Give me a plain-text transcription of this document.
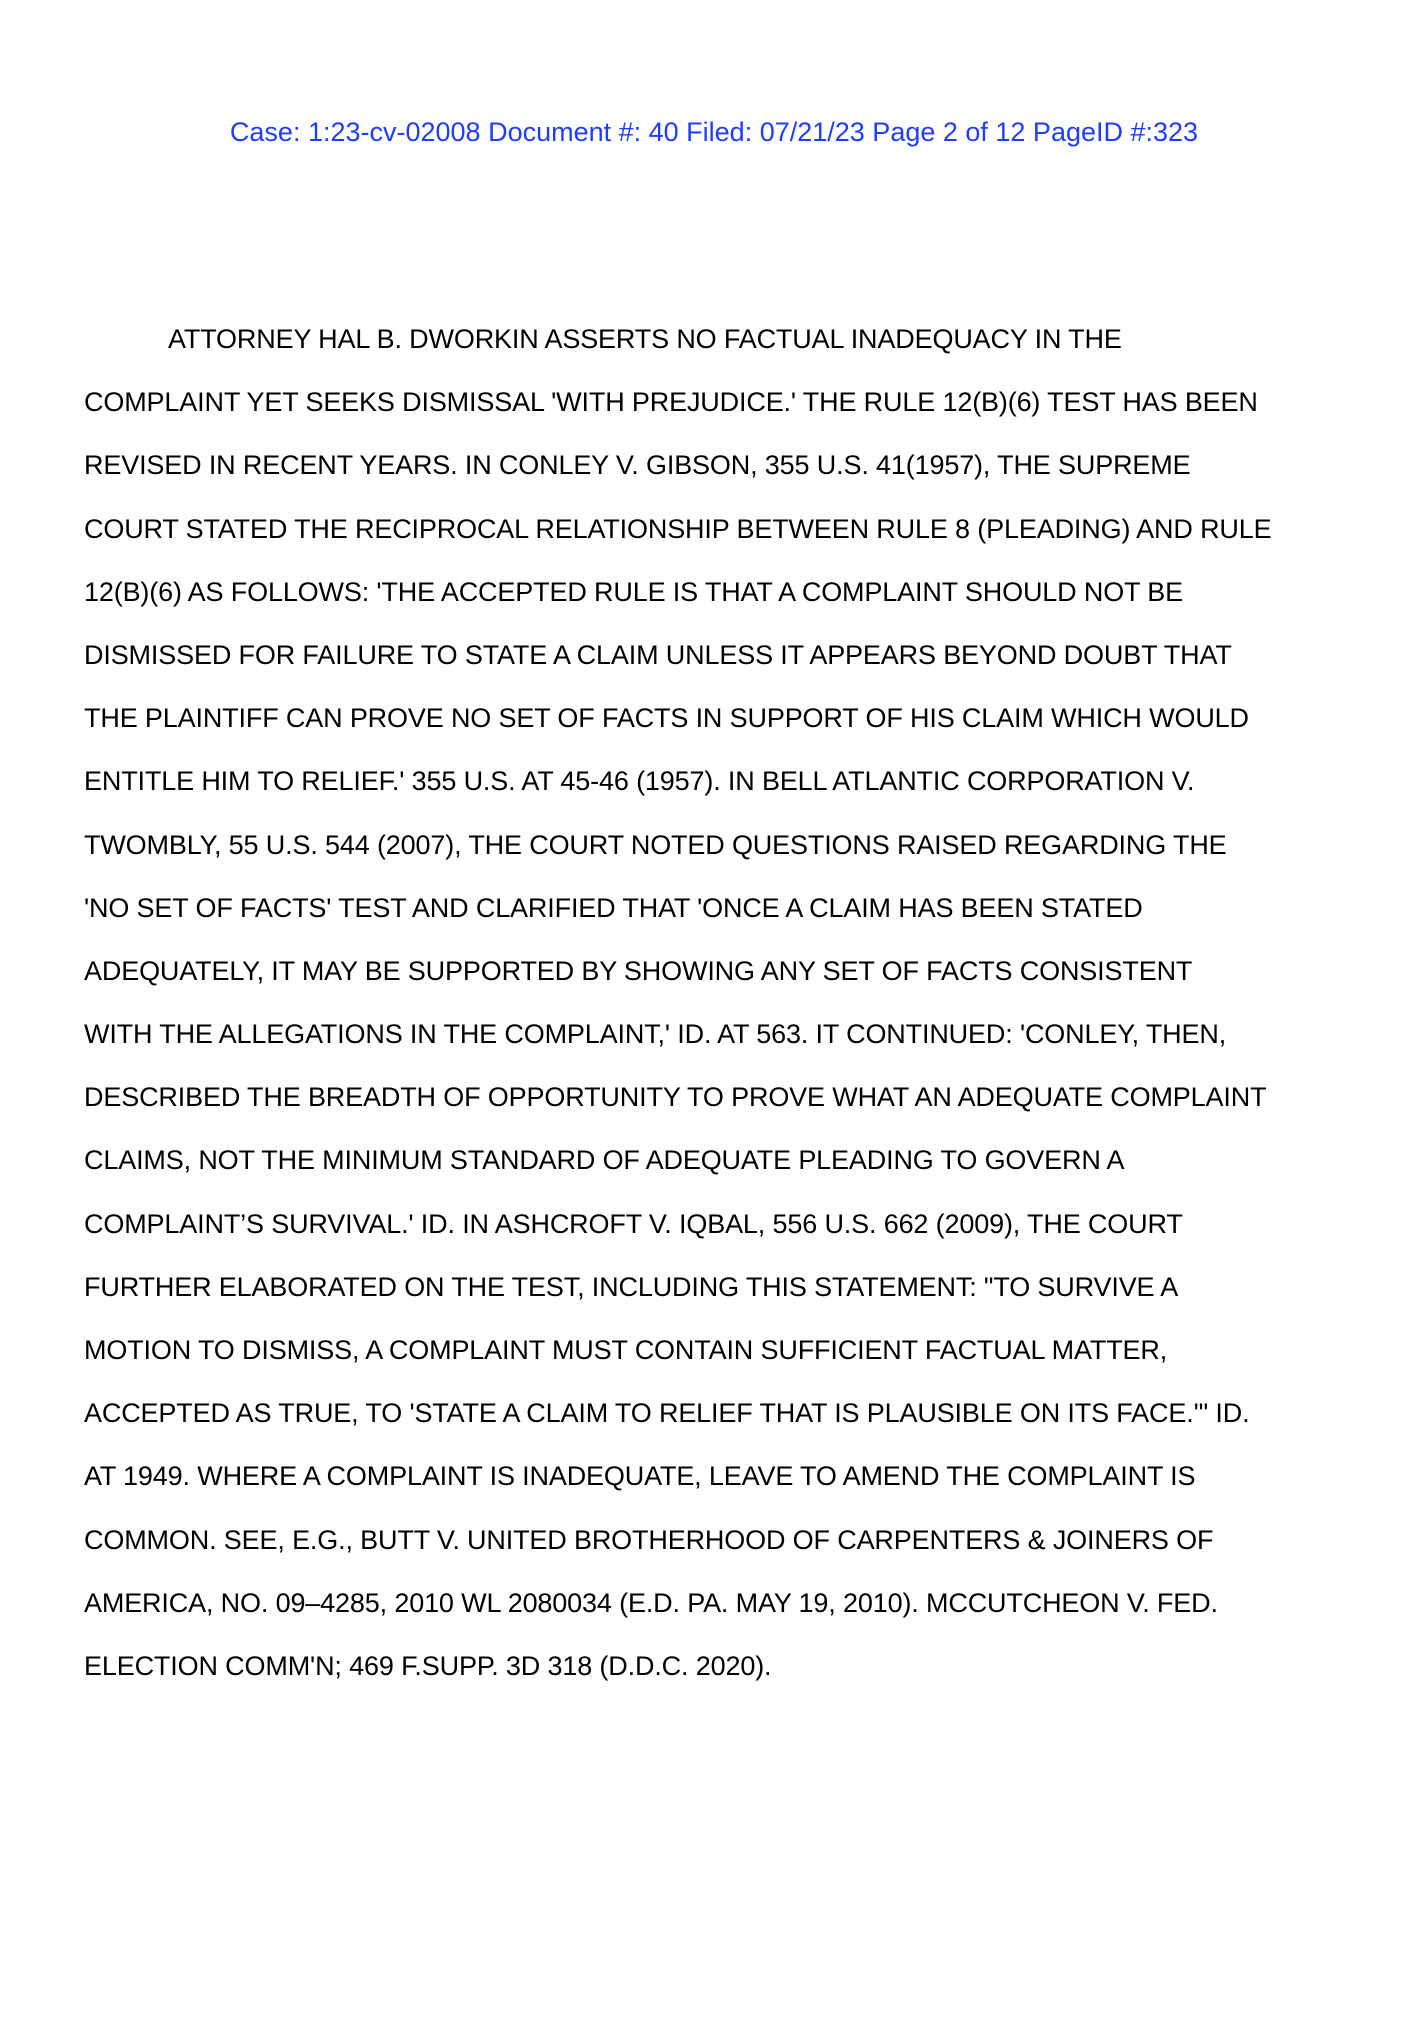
Case: 1:23-cv-02008 Document #: 40 Filed: 07/21/23 Page 2 of 12 PageID #:323
ATTORNEY HAL B. DWORKIN ASSERTS NO FACTUAL INADEQUACY IN THE
COMPLAINT YET SEEKS DISMISSAL 'WITH PREJUDICE.' THE RULE 12(B)(6) TEST HAS BEEN
REVISED IN RECENT YEARS. IN CONLEY V. GIBSON, 355 U.S. 41(1957), THE SUPREME
COURT STATED THE RECIPROCAL RELATIONSHIP BETWEEN RULE 8 (PLEADING) AND RULE
12(B)(6) AS FOLLOWS: 'THE ACCEPTED RULE IS THAT A COMPLAINT SHOULD NOT BE
DISMISSED FOR FAILURE TO STATE A CLAIM UNLESS IT APPEARS BEYOND DOUBT THAT
THE PLAINTIFF CAN PROVE NO SET OF FACTS IN SUPPORT OF HIS CLAIM WHICH WOULD
ENTITLE HIM TO RELIEF.' 355 U.S. AT 45-46 (1957). IN BELL ATLANTIC CORPORATION V.
TWOMBLY, 55 U.S. 544 (2007), THE COURT NOTED QUESTIONS RAISED REGARDING THE
'NO SET OF FACTS' TEST AND CLARIFIED THAT 'ONCE A CLAIM HAS BEEN STATED
ADEQUATELY, IT MAY BE SUPPORTED BY SHOWING ANY SET OF FACTS CONSISTENT
WITH THE ALLEGATIONS IN THE COMPLAINT,' ID. AT 563. IT CONTINUED: 'CONLEY, THEN,
DESCRIBED THE BREADTH OF OPPORTUNITY TO PROVE WHAT AN ADEQUATE COMPLAINT
CLAIMS, NOT THE MINIMUM STANDARD OF ADEQUATE PLEADING TO GOVERN A
COMPLAINT’S SURVIVAL.' ID. IN ASHCROFT V. IQBAL, 556 U.S. 662 (2009), THE COURT
FURTHER ELABORATED ON THE TEST, INCLUDING THIS STATEMENT: "TO SURVIVE A
MOTION TO DISMISS, A COMPLAINT MUST CONTAIN SUFFICIENT FACTUAL MATTER,
ACCEPTED AS TRUE, TO 'STATE A CLAIM TO RELIEF THAT IS PLAUSIBLE ON ITS FACE.'" ID.
AT 1949. WHERE A COMPLAINT IS INADEQUATE, LEAVE TO AMEND THE COMPLAINT IS
COMMON. SEE, E.G., BUTT V. UNITED BROTHERHOOD OF CARPENTERS & JOINERS OF
AMERICA, NO. 09–4285, 2010 WL 2080034 (E.D. PA. MAY 19, 2010). MCCUTCHEON V. FED.
ELECTION COMM'N; 469 F.SUPP. 3D 318 (D.D.C. 2020).
